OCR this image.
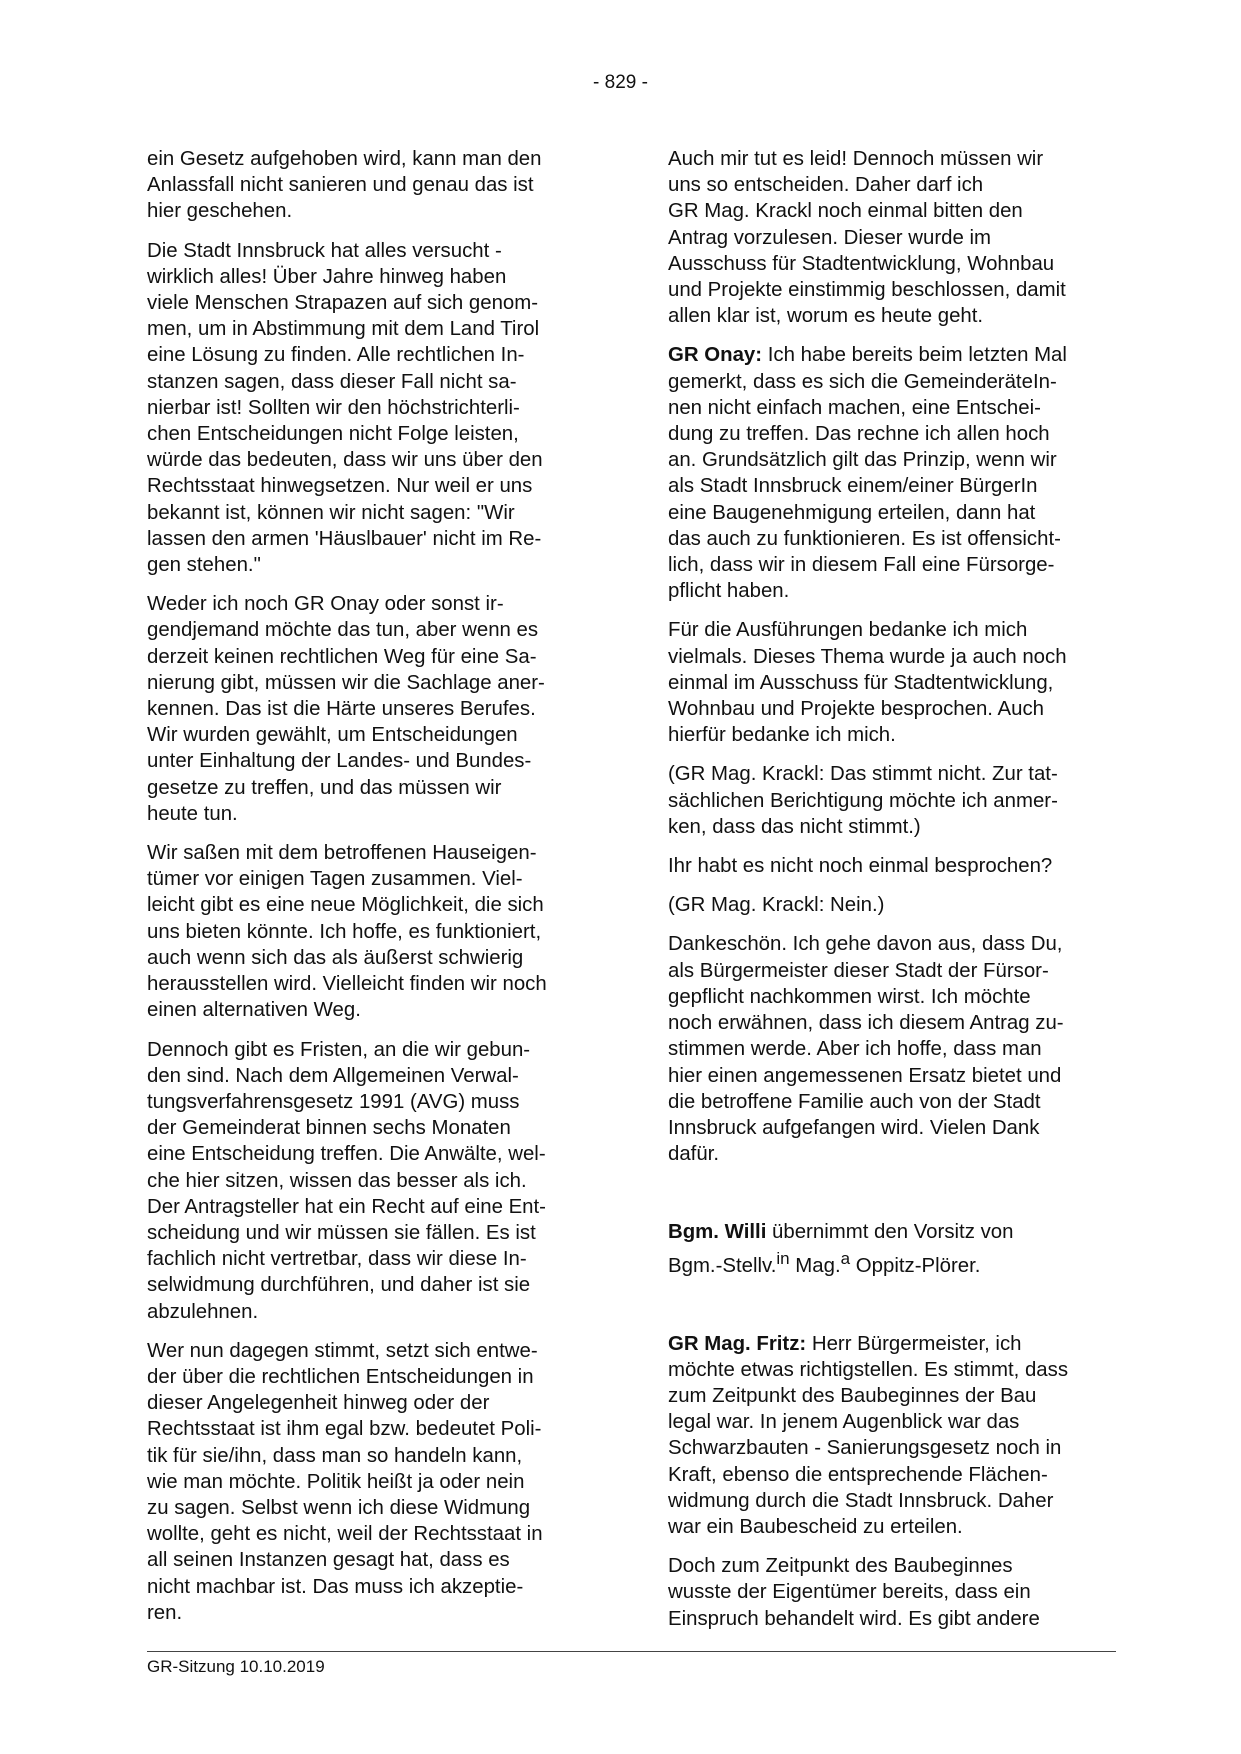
- 829 -

ein Gesetz aufgehoben wird, kann man den
Anlassfall nicht sanieren und genau das ist
hier geschehen.

Die Stadt Innsbruck hat alles versucht -
wirklich alles! Über Jahre hinweg haben
viele Menschen Strapazen auf sich genom-
men, um in Abstimmung mit dem Land Tirol
eine Lösung zu finden. Alle rechtlichen In-
stanzen sagen, dass dieser Fall nicht sa-
nierbar ist! Sollten wir den höchstrichterli-
chen Entscheidungen nicht Folge leisten,
würde das bedeuten, dass wir uns über den
Rechtsstaat hinwegsetzen. Nur weil er uns
bekannt ist, können wir nicht sagen: "Wir
lassen den armen 'Häuslbauer' nicht im Re-
gen stehen."

Weder ich noch GR Onay oder sonst ir-
gendjemand möchte das tun, aber wenn es
derzeit keinen rechtlichen Weg für eine Sa-
nierung gibt, müssen wir die Sachlage aner-
kennen. Das ist die Härte unseres Berufes.
Wir wurden gewählt, um Entscheidungen
unter Einhaltung der Landes- und Bundes-
gesetze zu treffen, und das müssen wir
heute tun.

Wir saßen mit dem betroffenen Hauseigen-
tümer vor einigen Tagen zusammen. Viel-
leicht gibt es eine neue Möglichkeit, die sich
uns bieten könnte. Ich hoffe, es funktioniert,
auch wenn sich das als äußerst schwierig
herausstellen wird. Vielleicht finden wir noch
einen alternativen Weg.

Dennoch gibt es Fristen, an die wir gebun-
den sind. Nach dem Allgemeinen Verwal-
tungsverfahrensgesetz 1991 (AVG) muss
der Gemeinderat binnen sechs Monaten
eine Entscheidung treffen. Die Anwälte, wel-
che hier sitzen, wissen das besser als ich.
Der Antragsteller hat ein Recht auf eine Ent-
scheidung und wir müssen sie fällen. Es ist
fachlich nicht vertretbar, dass wir diese In-
selwidmung durchführen, und daher ist sie
abzulehnen.

Wer nun dagegen stimmt, setzt sich entwe-
der über die rechtlichen Entscheidungen in
dieser Angelegenheit hinweg oder der
Rechtsstaat ist ihm egal bzw. bedeutet Poli-
tik für sie/ihn, dass man so handeln kann,
wie man möchte. Politik heißt ja oder nein
zu sagen. Selbst wenn ich diese Widmung
wollte, geht es nicht, weil der Rechtsstaat in
all seinen Instanzen gesagt hat, dass es
nicht machbar ist. Das muss ich akzeptie-
ren.

Auch mir tut es leid! Dennoch müssen wir
uns so entscheiden. Daher darf ich
GR Mag. Krackl noch einmal bitten den
Antrag vorzulesen. Dieser wurde im
Ausschuss für Stadtentwicklung, Wohnbau
und Projekte einstimmig beschlossen, damit
allen klar ist, worum es heute geht.

GR Onay: Ich habe bereits beim letzten Mal
gemerkt, dass es sich die GemeinderäteIn-
nen nicht einfach machen, eine Entschei-
dung zu treffen. Das rechne ich allen hoch
an. Grundsätzlich gilt das Prinzip, wenn wir
als Stadt Innsbruck einem/einer BürgerIn
eine Baugenehmigung erteilen, dann hat
das auch zu funktionieren. Es ist offensicht-
lich, dass wir in diesem Fall eine Fürsorge-
pflicht haben.

Für die Ausführungen bedanke ich mich
vielmals. Dieses Thema wurde ja auch noch
einmal im Ausschuss für Stadtentwicklung,
Wohnbau und Projekte besprochen. Auch
hierfür bedanke ich mich.

(GR Mag. Krackl: Das stimmt nicht. Zur tat-
sächlichen Berichtigung möchte ich anmer-
ken, dass das nicht stimmt.)

Ihr habt es nicht noch einmal besprochen?

(GR Mag. Krackl: Nein.)

Dankeschön. Ich gehe davon aus, dass Du,
als Bürgermeister dieser Stadt der Fürsor-
gepflicht nachkommen wirst. Ich möchte
noch erwähnen, dass ich diesem Antrag zu-
stimmen werde. Aber ich hoffe, dass man
hier einen angemessenen Ersatz bietet und
die betroffene Familie auch von der Stadt
Innsbruck aufgefangen wird. Vielen Dank
dafür.

Bgm. Willi übernimmt den Vorsitz von
Bgm.-Stellv.$^{in}$ Mag.$^a$ Oppitz-Plörer.

GR Mag. Fritz: Herr Bürgermeister, ich
möchte etwas richtigstellen. Es stimmt, dass
zum Zeitpunkt des Baubeginnes der Bau
legal war. In jenem Augenblick war das
Schwarzbauten - Sanierungsgesetz noch in
Kraft, ebenso die entsprechende Flächen-
widmung durch die Stadt Innsbruck. Daher
war ein Baubescheid zu erteilen.

Doch zum Zeitpunkt des Baubeginnes
wusste der Eigentümer bereits, dass ein
Einspruch behandelt wird. Es gibt andere

GR-Sitzung 10.10.2019
